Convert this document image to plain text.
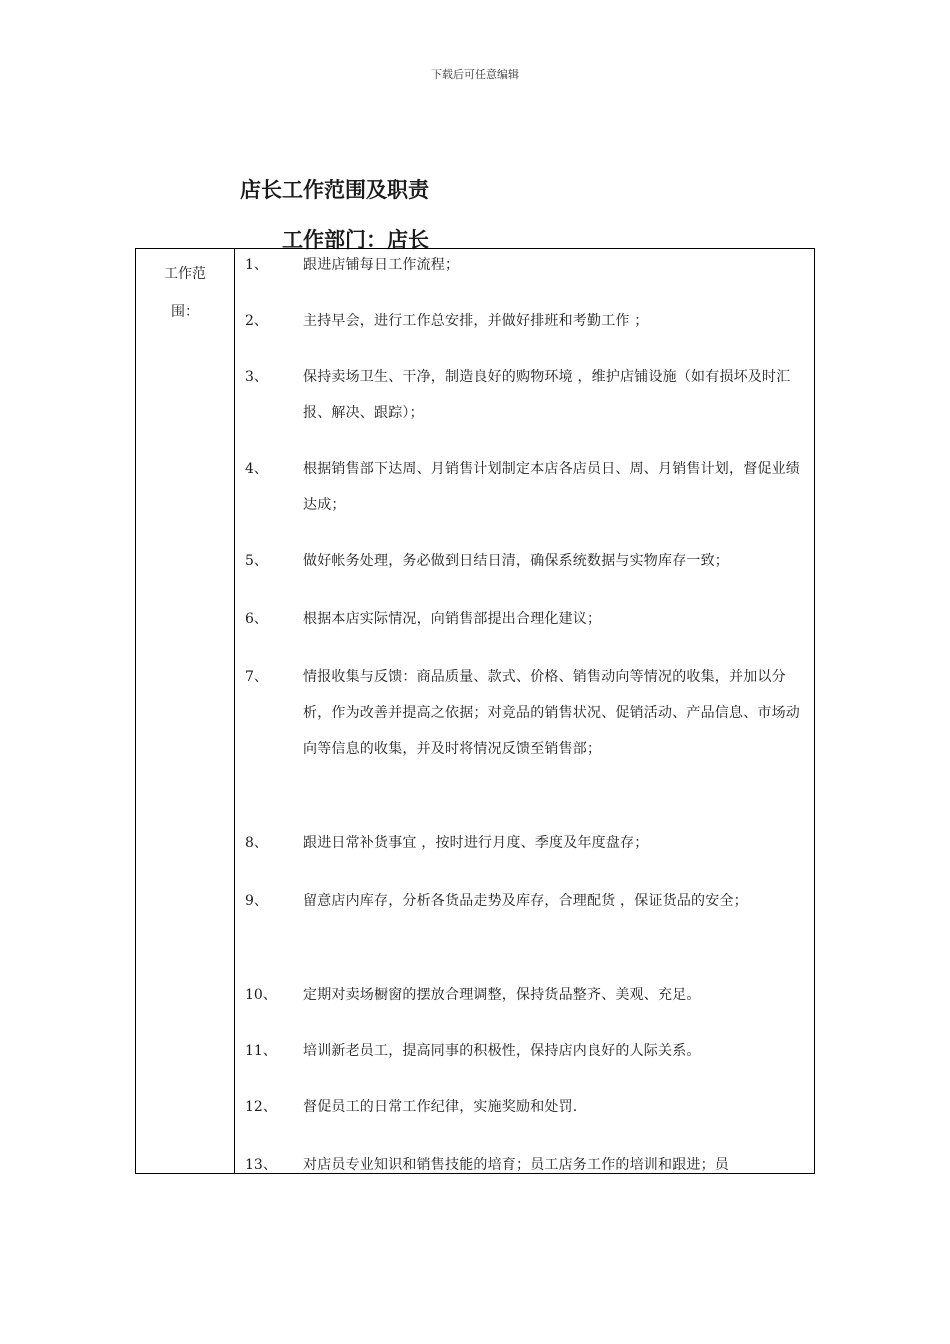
下载后可任意编辑
店长工作范围及职责
工作部门：店长
工作范
围：
1、	跟进店铺每日工作流程；
2、	主持早会，进行工作总安排，并做好排班和考勤工作 ；
3、	保持卖场卫生、干净，制造良好的购物环境 ，维护店铺设施（如有损坏及时汇报、解决、跟踪）；
4、	根据销售部下达周、月销售计划制定本店各店员日、周、月销售计划，督促业绩达成；
5、	做好帐务处理，务必做到日结日清，确保系统数据与实物库存一致；
6、	根据本店实际情况，向销售部提出合理化建议；
7、	情报收集与反馈：商品质量、款式、价格、销售动向等情况的收集，并加以分析，作为改善并提高之依据；对竞品的销售状况、促销活动、产品信息、市场动向等信息的收集，并及时将情况反馈至销售部；
8、	跟进日常补货事宜 ，按时进行月度、季度及年度盘存；
9、	留意店内库存，分析各货品走势及库存，合理配货 ，保证货品的安全；
10、 定期对卖场橱窗的摆放合理调整，保持货品整齐、美观、充足。
11、 培训新老员工，提高同事的积极性，保持店内良好的人际关系。
12、 督促员工的日常工作纪律，实施奖励和处罚.
13、 对店员专业知识和销售技能的培育；员工店务工作的培训和跟进；员
